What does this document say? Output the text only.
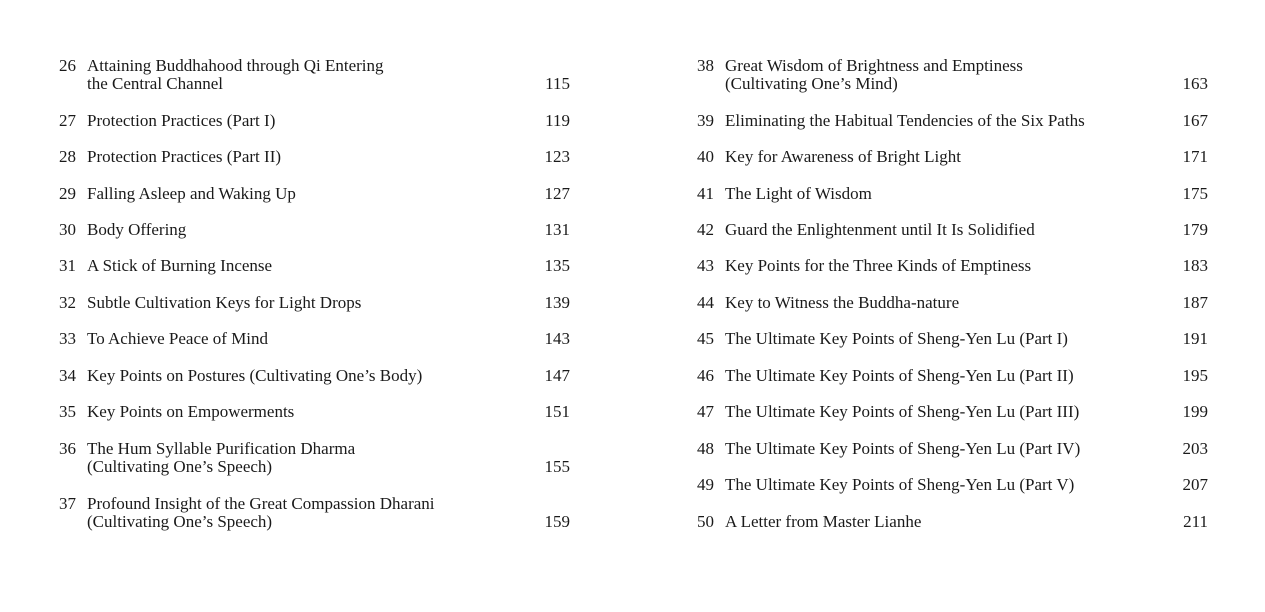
26 Attaining Buddhahood through Qi Entering
the Central Channel	115
27 Protection Practices (Part I)	119
28 Protection Practices (Part II)	123
29 Falling Asleep and Waking Up	127
30 Body Offering	131
31 A Stick of Burning Incense	135
32 Subtle Cultivation Keys for Light Drops	139
33 To Achieve Peace of Mind	143
34 Key Points on Postures (Cultivating One’s Body)	147
35 Key Points on Empowerments	151
36 The Hum Syllable Purification Dharma
(Cultivating One’s Speech)	155
37 Profound Insight of the Great Compassion Dharani
(Cultivating One’s Speech)	159
38 Great Wisdom of Brightness and Emptiness
(Cultivating One’s Mind)	163
39 Eliminating the Habitual Tendencies of the Six Paths	167
40 Key for Awareness of Bright Light	171
41 The Light of Wisdom	175
42 Guard the Enlightenment until It Is Solidified	179
43 Key Points for the Three Kinds of Emptiness	183
44 Key to Witness the Buddha-nature	187
45 The Ultimate Key Points of Sheng-Yen Lu (Part I)	191
46 The Ultimate Key Points of Sheng-Yen Lu (Part II)	195
47 The Ultimate Key Points of Sheng-Yen Lu (Part III)	199
48 The Ultimate Key Points of Sheng-Yen Lu (Part IV)	203
49 The Ultimate Key Points of Sheng-Yen Lu (Part V)	207
50 A Letter from Master Lianhe	211
